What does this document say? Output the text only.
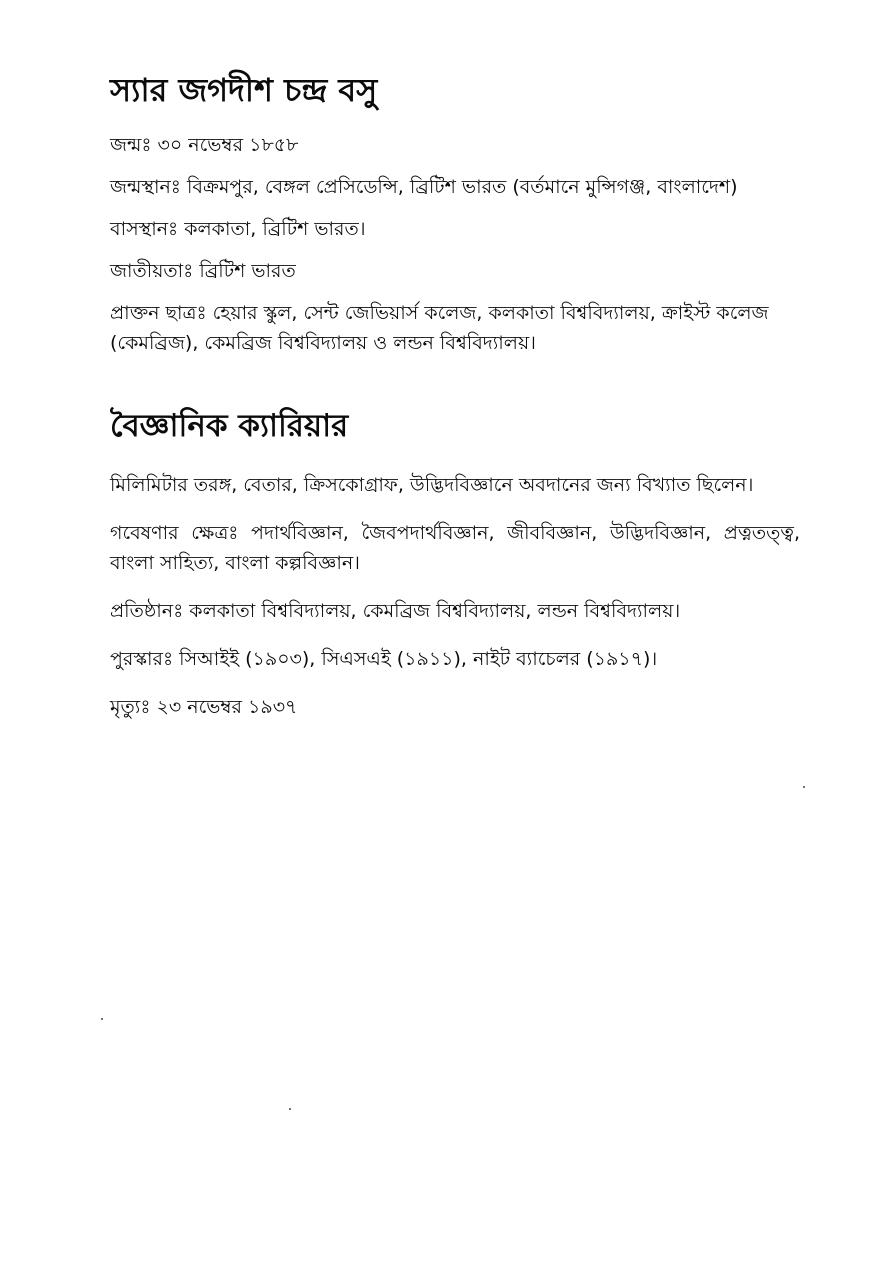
স্যার জগদীশ চন্দ্র বসু

জন্মঃ ৩০ নভেম্বর ১৮৫৮

জন্মস্থানঃ বিক্রমপুর, বেঙ্গল প্রেসিডেন্সি, ব্রিটিশ ভারত (বর্তমানে মুন্সিগঞ্জ, বাংলাদেশ)

বাসস্থানঃ কলকাতা, ব্রিটিশ ভারত।

জাতীয়তাঃ ব্রিটিশ ভারত

প্রাক্তন ছাত্রঃ হেয়ার স্কুল, সেন্ট জেভিয়ার্স কলেজ, কলকাতা বিশ্ববিদ্যালয়, ক্রাইস্ট কলেজ (কেমব্রিজ), কেমব্রিজ বিশ্ববিদ্যালয় ও লন্ডন বিশ্ববিদ্যালয়।

বৈজ্ঞানিক ক্যারিয়ার

মিলিমিটার তরঙ্গ, বেতার, ক্রিসকোগ্রাফ, উদ্ভিদবিজ্ঞানে অবদানের জন্য বিখ্যাত ছিলেন।

গবেষণার ক্ষেত্রঃ পদার্থবিজ্ঞান, জৈবপদার্থবিজ্ঞান, জীববিজ্ঞান, উদ্ভিদবিজ্ঞান, প্রত্নতত্ত্ব, বাংলা সাহিত্য, বাংলা কল্পবিজ্ঞান।

প্রতিষ্ঠানঃ কলকাতা বিশ্ববিদ্যালয়, কেমব্রিজ বিশ্ববিদ্যালয়, লন্ডন বিশ্ববিদ্যালয়।

পুরস্কারঃ সিআইই (১৯০৩), সিএসএই (১৯১১), নাইট ব্যাচেলর (১৯১৭)।

মৃত্যুঃ ২৩ নভেম্বর ১৯৩৭
